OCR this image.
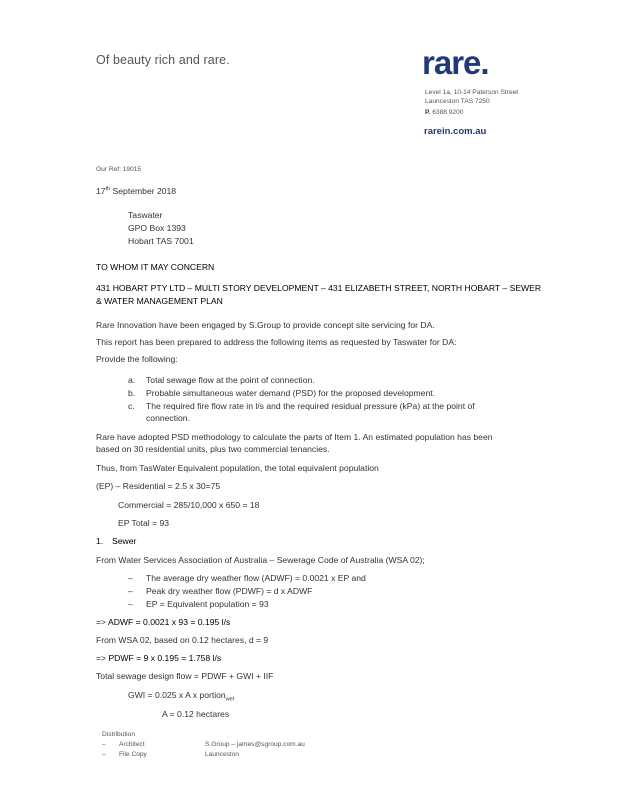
Of beauty rich and rare.	rare.
Level 1a, 10-14 Paterson Street
Launceston TAS 7250
P. 6388 9200
rarein.com.au
Our Ref: 19015
17th September 2018
Taswater
GPO Box 1393
Hobart TAS 7001
TO WHOM IT MAY CONCERN
431 HOBART PTY LTD – MULTI STORY DEVELOPMENT – 431 ELIZABETH STREET, NORTH HOBART – SEWER
& WATER MANAGEMENT PLAN
Rare Innovation have been engaged by S.Group to provide concept site servicing for DA.
This report has been prepared to address the following items as requested by Taswater for DA:
Provide the following:
a. Total sewage flow at the point of connection.
b. Probable simultaneous water demand (PSD) for the proposed development.
c. The required fire flow rate in l/s and the required residual pressure (kPa) at the point of
connection.
Rare have adopted PSD methodology to calculate the parts of Item 1. An estimated population has been
based on 30 residential units, plus two commercial tenancies.
Thus, from TasWater Equivalent population, the total equivalent population
(EP) – Residential = 2.5 x 30=75
Commercial = 285/10,000 x 650 = 18
EP Total = 93
1. Sewer
From Water Services Association of Australia – Sewerage Code of Australia (WSA 02);
– The average dry weather flow (ADWF) = 0.0021 x EP and
– Peak dry weather flow (PDWF) = d x ADWF
– EP = Equivalent population = 93
=> ADWF = 0.0021 x 93 = 0.195 l/s
From WSA 02, based on 0.12 hectares, d = 9
=> PDWF = 9 x 0.195 = 1.758 l/s
Total sewage design flow = PDWF + GWI + IIF
GWI = 0.025 x A x portion$_{wet}$
A = 0.12 hectares
Distribution
– Architect	S.Group – james@sgroup.com.au
– File Copy	Launceston
